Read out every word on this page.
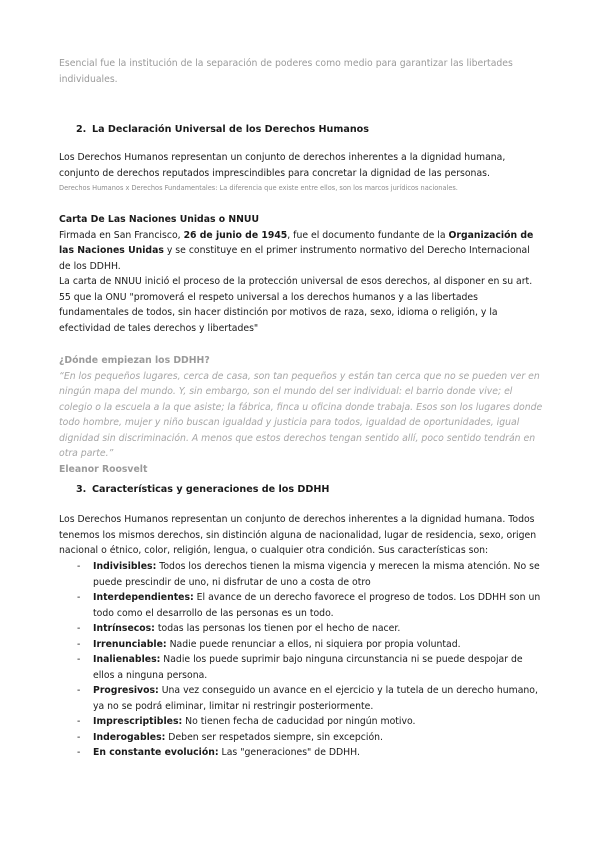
Esencial fue la institución de la separación de poderes como medio para garantizar las libertades individuales.
2. La Declaración Universal de los Derechos Humanos
Los Derechos Humanos representan un conjunto de derechos inherentes a la dignidad humana, conjunto de derechos reputados imprescindibles para concretar la dignidad de las personas.
Derechos Humanos x Derechos Fundamentales: La diferencia que existe entre ellos, son los marcos jurídicos nacionales.
Carta De Las Naciones Unidas o NNUU
Firmada en San Francisco, 26 de junio de 1945, fue el documento fundante de la Organización de las Naciones Unidas y se constituye en el primer instrumento normativo del Derecho Internacional de los DDHH.
La carta de NNUU inició el proceso de la protección universal de esos derechos, al disponer en su art. 55 que la ONU "promoverá el respeto universal a los derechos humanos y a las libertades fundamentales de todos, sin hacer distinción por motivos de raza, sexo, idioma o religión, y la efectividad de tales derechos y libertades"
¿Dónde empiezan los DDHH?
“En los pequeños lugares, cerca de casa, son tan pequeños y están tan cerca que no se pueden ver en ningún mapa del mundo. Y, sin embargo, son el mundo del ser individual: el barrio donde vive; el colegio o la escuela a la que asiste; la fábrica, finca u oficina donde trabaja. Esos son los lugares donde todo hombre, mujer y niño buscan igualdad y justicia para todos, igualdad de oportunidades, igual dignidad sin discriminación. A menos que estos derechos tengan sentido allí, poco sentido tendrán en otra parte.”
Eleanor Roosvelt
3. Características y generaciones de los DDHH
Los Derechos Humanos representan un conjunto de derechos inherentes a la dignidad humana. Todos tenemos los mismos derechos, sin distinción alguna de nacionalidad, lugar de residencia, sexo, origen nacional o étnico, color, religión, lengua, o cualquier otra condición. Sus características son:
- Indivisibles: Todos los derechos tienen la misma vigencia y merecen la misma atención. No se puede prescindir de uno, ni disfrutar de uno a costa de otro
- Interdependientes: El avance de un derecho favorece el progreso de todos. Los DDHH son un todo como el desarrollo de las personas es un todo.
- Intrínsecos: todas las personas los tienen por el hecho de nacer.
- Irrenunciable: Nadie puede renunciar a ellos, ni siquiera por propia voluntad.
- Inalienables: Nadie los puede suprimir bajo ninguna circunstancia ni se puede despojar de ellos a ninguna persona.
- Progresivos: Una vez conseguido un avance en el ejercicio y la tutela de un derecho humano, ya no se podrá eliminar, limitar ni restringir posteriormente.
- Imprescriptibles: No tienen fecha de caducidad por ningún motivo.
- Inderogables: Deben ser respetados siempre, sin excepción.
- En constante evolución: Las "generaciones" de DDHH.
